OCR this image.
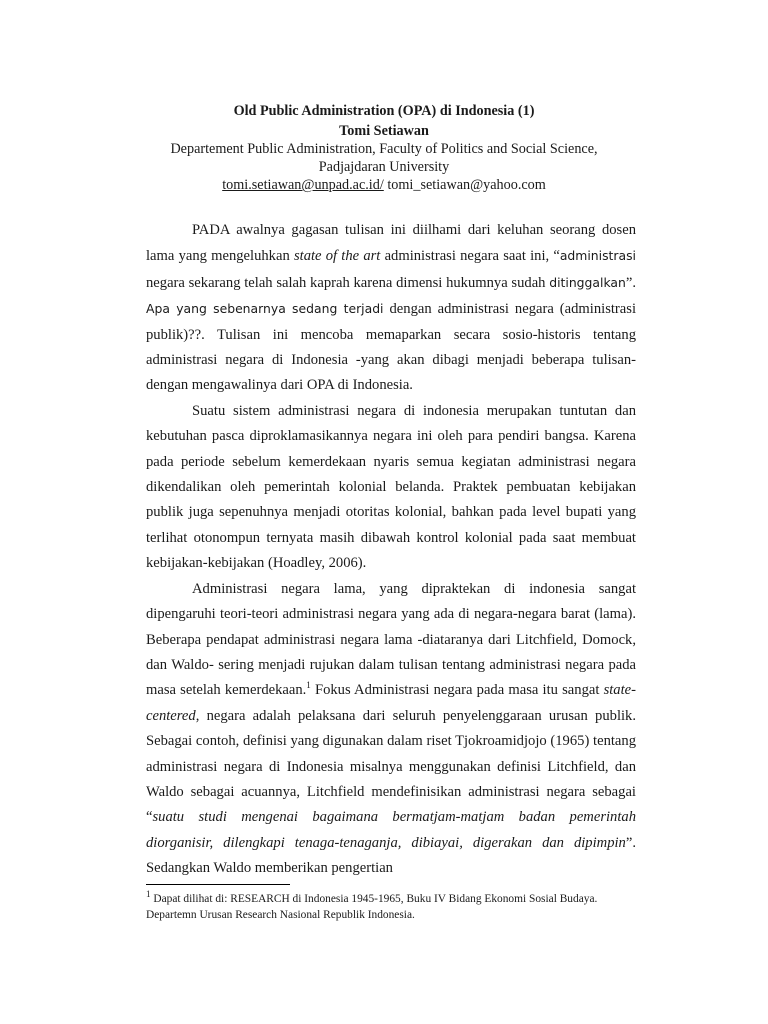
Old Public Administration (OPA) di Indonesia (1)
Tomi Setiawan
Departement Public Administration, Faculty of Politics and Social Science,
Padjajdaran University
tomi.setiawan@unpad.ac.id/ tomi_setiawan@yahoo.com

PADA awalnya gagasan tulisan ini diilhami dari keluhan seorang dosen lama yang mengeluhkan state of the art administrasi negara saat ini, “administrasi negara sekarang telah salah kaprah karena dimensi hukumnya sudah ditinggalkan”. Apa yang sebenarnya sedang terjadi dengan administrasi negara (administrasi publik)??. Tulisan ini mencoba memaparkan secara sosio-historis tentang administrasi negara di Indonesia -yang akan dibagi menjadi beberapa tulisan- dengan mengawalinya dari OPA di Indonesia.

Suatu sistem administrasi negara di indonesia merupakan tuntutan dan kebutuhan pasca diproklamasikannya negara ini oleh para pendiri bangsa. Karena pada periode sebelum kemerdekaan nyaris semua kegiatan administrasi negara dikendalikan oleh pemerintah kolonial belanda. Praktek pembuatan kebijakan publik juga sepenuhnya menjadi otoritas kolonial, bahkan pada level bupati yang terlihat otonompun ternyata masih dibawah kontrol kolonial pada saat membuat kebijakan-kebijakan (Hoadley, 2006).

Administrasi negara lama, yang dipraktekan di indonesia sangat dipengaruhi teori-teori administrasi negara yang ada di negara-negara barat (lama). Beberapa pendapat administrasi negara lama -diataranya dari Litchfield, Domock, dan Waldo- sering menjadi rujukan dalam tulisan tentang administrasi negara pada masa setelah kemerdekaan.$^1$ Fokus Administrasi negara pada masa itu sangat state-centered, negara adalah pelaksana dari seluruh penyelenggaraan urusan publik. Sebagai contoh, definisi yang digunakan dalam riset Tjokroamidjojo (1965) tentang administrasi negara di Indonesia misalnya menggunakan definisi Litchfield, dan Waldo sebagai acuannya, Litchfield mendefinisikan administrasi negara sebagai “suatu studi mengenai bagaimana bermatjam-matjam badan pemerintah diorganisir, dilengkapi tenaga-tenaganja, dibiayai, digerakan dan dipimpin”. Sedangkan Waldo memberikan pengertian

$^1$ Dapat dilihat di: RESEARCH di Indonesia 1945-1965, Buku IV Bidang Ekonomi Sosial Budaya. Departemn Urusan Research Nasional Republik Indonesia.
